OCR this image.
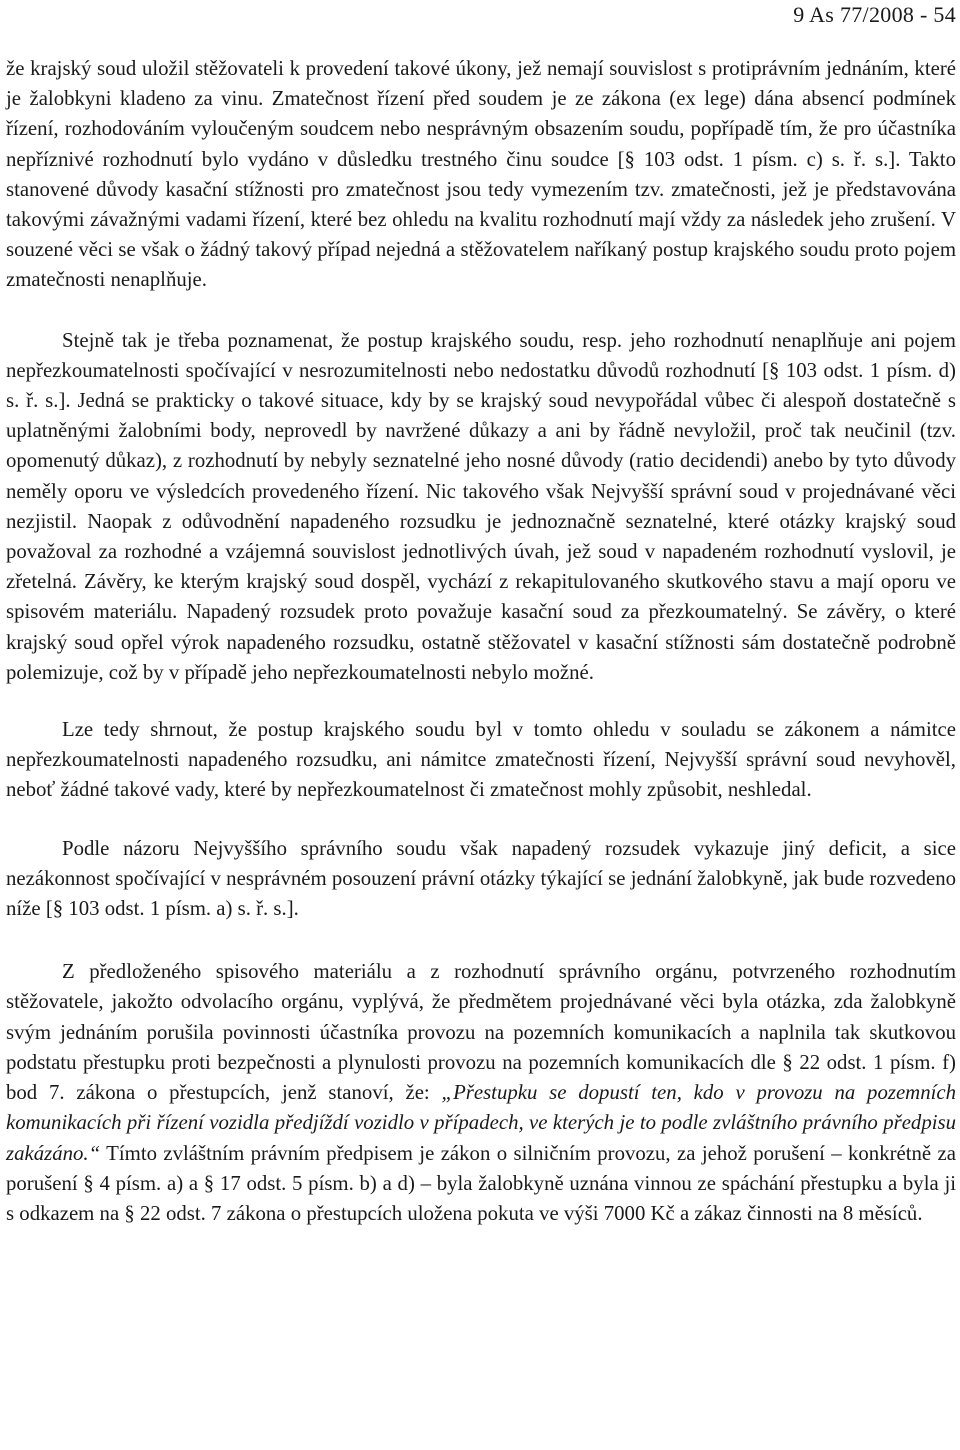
9 As 77/2008 - 54

že krajský soud uložil stěžovateli k provedení takové úkony, jež nemají souvislost s protiprávním jednáním, které je žalobkyni kladeno za vinu. Zmatečnost řízení před soudem je ze zákona (ex lege) dána absencí podmínek řízení, rozhodováním vyloučeným soudcem nebo nesprávným obsazením soudu, popřípadě tím, že pro účastníka nepříznivé rozhodnutí bylo vydáno v důsledku trestného činu soudce [§ 103 odst. 1 písm. c) s. ř. s.]. Takto stanovené důvody kasační stížnosti pro zmatečnost jsou tedy vymezením tzv. zmatečnosti, jež je představována takovými závažnými vadami řízení, které bez ohledu na kvalitu rozhodnutí mají vždy za následek jeho zrušení. V souzené věci se však o žádný takový případ nejedná a stěžovatelem naříkaný postup krajského soudu proto pojem zmatečnosti nenaplňuje.

Stejně tak je třeba poznamenat, že postup krajského soudu, resp. jeho rozhodnutí nenaplňuje ani pojem nepřezkoumatelnosti spočívající v nesrozumitelnosti nebo nedostatku důvodů rozhodnutí [§ 103 odst. 1 písm. d) s. ř. s.]. Jedná se prakticky o takové situace, kdy by se krajský soud nevypořádal vůbec či alespoň dostatečně s uplatněnými žalobními body, neprovedl by navržené důkazy a ani by řádně nevyložil, proč tak neučinil (tzv. opomenutý důkaz), z rozhodnutí by nebyly seznatelné jeho nosné důvody (ratio decidendi) anebo by tyto důvody neměly oporu ve výsledcích provedeného řízení. Nic takového však Nejvyšší správní soud v projednávané věci nezjistil. Naopak z odůvodnění napadeného rozsudku je jednoznačně seznatelné, které otázky krajský soud považoval za rozhodné a vzájemná souvislost jednotlivých úvah, jež soud v napadeném rozhodnutí vyslovil, je zřetelná. Závěry, ke kterým krajský soud dospěl, vychází z rekapitulovaného skutkového stavu a mají oporu ve spisovém materiálu. Napadený rozsudek proto považuje kasační soud za přezkoumatelný. Se závěry, o které krajský soud opřel výrok napadeného rozsudku, ostatně stěžovatel v kasační stížnosti sám dostatečně podrobně polemizuje, což by v případě jeho nepřezkoumatelnosti nebylo možné.

Lze tedy shrnout, že postup krajského soudu byl v tomto ohledu v souladu se zákonem a námitce nepřezkoumatelnosti napadeného rozsudku, ani námitce zmatečnosti řízení, Nejvyšší správní soud nevyhověl, neboť žádné takové vady, které by nepřezkoumatelnost či zmatečnost mohly způsobit, neshledal.

Podle názoru Nejvyššího správního soudu však napadený rozsudek vykazuje jiný deficit, a sice nezákonnost spočívající v nesprávném posouzení právní otázky týkající se jednání žalobkyně, jak bude rozvedeno níže [§ 103 odst. 1 písm. a) s. ř. s.].

Z předloženého spisového materiálu a z rozhodnutí správního orgánu, potvrzeného rozhodnutím stěžovatele, jakožto odvolacího orgánu, vyplývá, že předmětem projednávané věci byla otázka, zda žalobkyně svým jednáním porušila povinnosti účastníka provozu na pozemních komunikacích a naplnila tak skutkovou podstatu přestupku proti bezpečnosti a plynulosti provozu na pozemních komunikacích dle § 22 odst. 1 písm. f) bod 7. zákona o přestupcích, jenž stanoví, že: „Přestupku se dopustí ten, kdo v provozu na pozemních komunikacích při řízení vozidla předjíždí vozidlo v případech, ve kterých je to podle zvláštního právního předpisu zakázáno.“ Tímto zvláštním právním předpisem je zákon o silničním provozu, za jehož porušení – konkrétně za porušení § 4 písm. a) a § 17 odst. 5 písm. b) a d) – byla žalobkyně uznána vinnou ze spáchání přestupku a byla ji s odkazem na § 22 odst. 7 zákona o přestupcích uložena pokuta ve výši 7000 Kč a zákaz činnosti na 8 měsíců.
